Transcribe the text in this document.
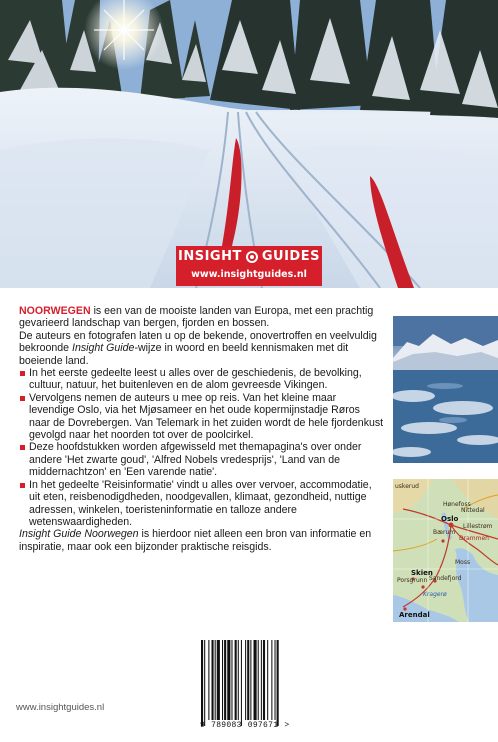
INSIGHT GUIDES
www.insightguides.nl

NOORWEGEN is een van de mooiste landen van Europa, met een prachtig gevarieerd landschap van bergen, fjorden en bossen.

De auteurs en fotografen laten u op de bekende, onovertroffen en veelvuldig bekroonde Insight Guide-wijze in woord en beeld kennismaken met dit boeiende land.

In het eerste gedeelte leest u alles over de geschiedenis, de bevolking, cultuur, natuur, het buitenleven en de alom gevreesde Vikingen.
Vervolgens nemen de auteurs u mee op reis. Van het kleine maar levendige Oslo, via het Mjøsameer en het oude kopermijnstadje Røros naar de Dovrebergen. Van Telemark in het zuiden wordt de hele fjordenkust gevolgd naar het noorden tot over de poolcirkel.
Deze hoofdstukken worden afgewisseld met themapagina's over onder andere 'Het zwarte goud', 'Alfred Nobels vredesprijs', 'Land van de middernachtzon' en 'Een varende natie'.
In het gedeelte 'Reisinformatie' vindt u alles over vervoer, accommodatie, uit eten, reisbenodigdheden, noodgevallen, klimaat, gezondheid, nuttige adressen, winkelen, toeristeninformatie en talloze andere wetenswaardigheden.

Insight Guide Noorwegen is hierdoor niet alleen een bron van informatie en inspiratie, maar ook een bijzonder praktische reisgids.

uskerud
Hønefoss
Oslo
Lillestrøm
Nittedal
Drammen
Bærum
Moss
Skien
Porsgrunn Sandefjord
Kragerø
Arendal
www.insightguides.nl
9 789083 097671 >
